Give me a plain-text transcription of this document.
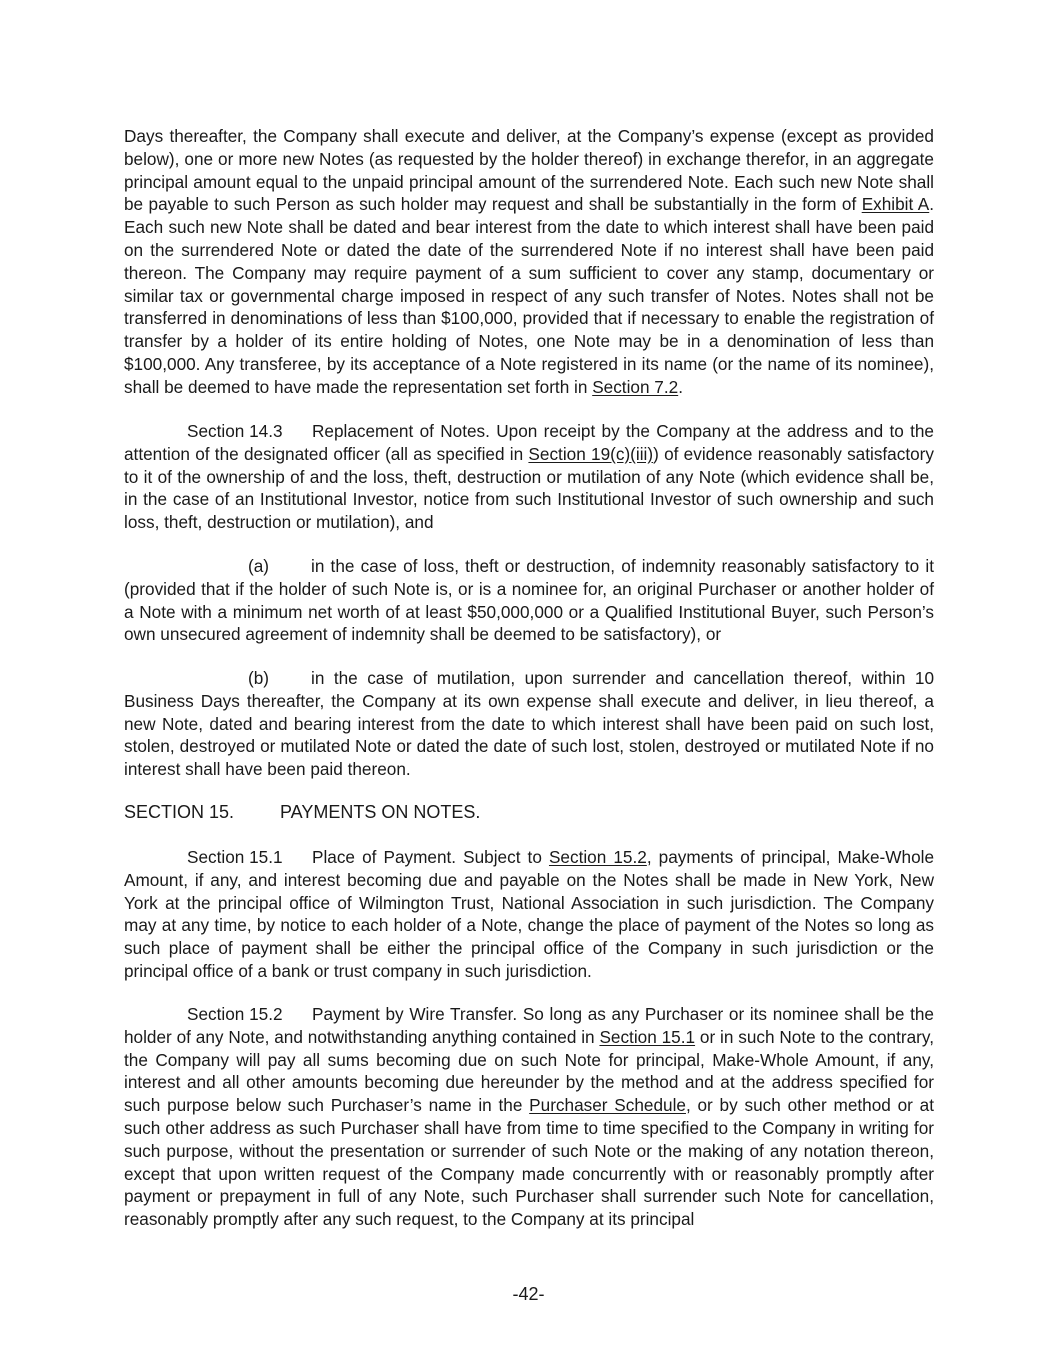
Days thereafter, the Company shall execute and deliver, at the Company’s expense (except as provided below), one or more new Notes (as requested by the holder thereof) in exchange therefor, in an aggregate principal amount equal to the unpaid principal amount of the surrendered Note. Each such new Note shall be payable to such Person as such holder may request and shall be substantially in the form of Exhibit A. Each such new Note shall be dated and bear interest from the date to which interest shall have been paid on the surrendered Note or dated the date of the surrendered Note if no interest shall have been paid thereon. The Company may require payment of a sum sufficient to cover any stamp, documentary or similar tax or governmental charge imposed in respect of any such transfer of Notes. Notes shall not be transferred in denominations of less than $100,000, provided that if necessary to enable the registration of transfer by a holder of its entire holding of Notes, one Note may be in a denomination of less than $100,000. Any transferee, by its acceptance of a Note registered in its name (or the name of its nominee), shall be deemed to have made the representation set forth in Section 7.2.

Section 14.3 Replacement of Notes. Upon receipt by the Company at the address and to the attention of the designated officer (all as specified in Section 19(c)(iii)) of evidence reasonably satisfactory to it of the ownership of and the loss, theft, destruction or mutilation of any Note (which evidence shall be, in the case of an Institutional Investor, notice from such Institutional Investor of such ownership and such loss, theft, destruction or mutilation), and

(a) in the case of loss, theft or destruction, of indemnity reasonably satisfactory to it (provided that if the holder of such Note is, or is a nominee for, an original Purchaser or another holder of a Note with a minimum net worth of at least $50,000,000 or a Qualified Institutional Buyer, such Person’s own unsecured agreement of indemnity shall be deemed to be satisfactory), or

(b) in the case of mutilation, upon surrender and cancellation thereof, within 10 Business Days thereafter, the Company at its own expense shall execute and deliver, in lieu thereof, a new Note, dated and bearing interest from the date to which interest shall have been paid on such lost, stolen, destroyed or mutilated Note or dated the date of such lost, stolen, destroyed or mutilated Note if no interest shall have been paid thereon.

SECTION 15.	PAYMENTS ON NOTES.

Section 15.1 Place of Payment. Subject to Section 15.2, payments of principal, Make-Whole Amount, if any, and interest becoming due and payable on the Notes shall be made in New York, New York at the principal office of Wilmington Trust, National Association in such jurisdiction. The Company may at any time, by notice to each holder of a Note, change the place of payment of the Notes so long as such place of payment shall be either the principal office of the Company in such jurisdiction or the principal office of a bank or trust company in such jurisdiction.

Section 15.2 Payment by Wire Transfer. So long as any Purchaser or its nominee shall be the holder of any Note, and notwithstanding anything contained in Section 15.1 or in such Note to the contrary, the Company will pay all sums becoming due on such Note for principal, Make-Whole Amount, if any, interest and all other amounts becoming due hereunder by the method and at the address specified for such purpose below such Purchaser’s name in the Purchaser Schedule, or by such other method or at such other address as such Purchaser shall have from time to time specified to the Company in writing for such purpose, without the presentation or surrender of such Note or the making of any notation thereon, except that upon written request of the Company made concurrently with or reasonably promptly after payment or prepayment in full of any Note, such Purchaser shall surrender such Note for cancellation, reasonably promptly after any such request, to the Company at its principal

-42-
